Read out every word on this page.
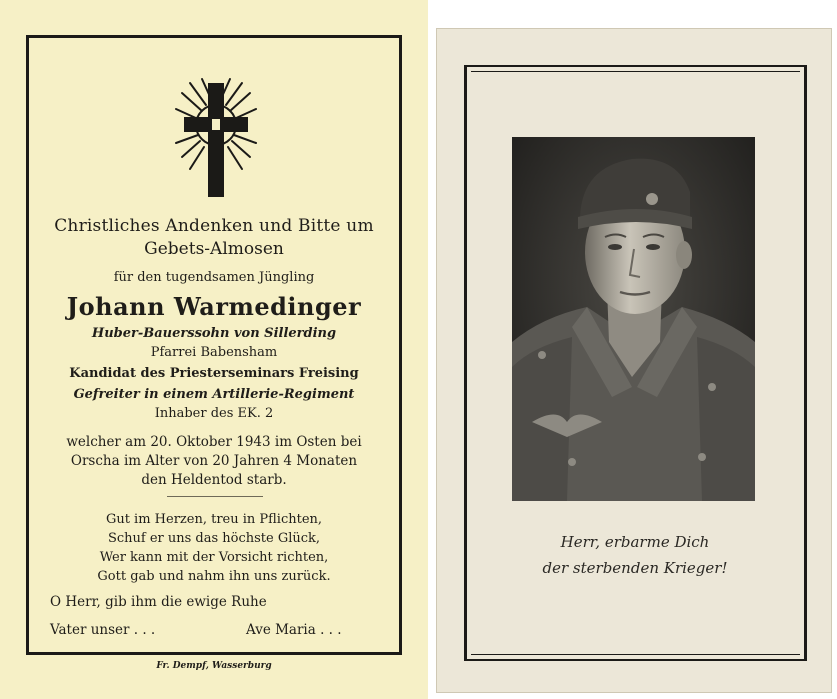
Christliches Andenken und Bitte um
Gebets-Almosen
für den tugendsamen Jüngling
Johann Warmedinger
Huber-Bauerssohn von Sillerding
Pfarrei Babensham
Kandidat des Priesterseminars Freising
Gefreiter in einem Artillerie-Regiment
Inhaber des EK. 2
welcher am 20. Oktober 1943 im Osten bei
Orscha im Alter von 20 Jahren 4 Monaten
den Heldentod starb.
Gut im Herzen, treu in Pflichten,
Schuf er uns das höchste Glück,
Wer kann mit der Vorsicht richten,
Gott gab und nahm ihn uns zurück.
O Herr, gib ihm die ewige Ruhe
Vater unser . . .	Ave Maria . . .
Fr. Dempf, Wasserburg
Herr, erbarme Dich
der sterbenden Krieger!
